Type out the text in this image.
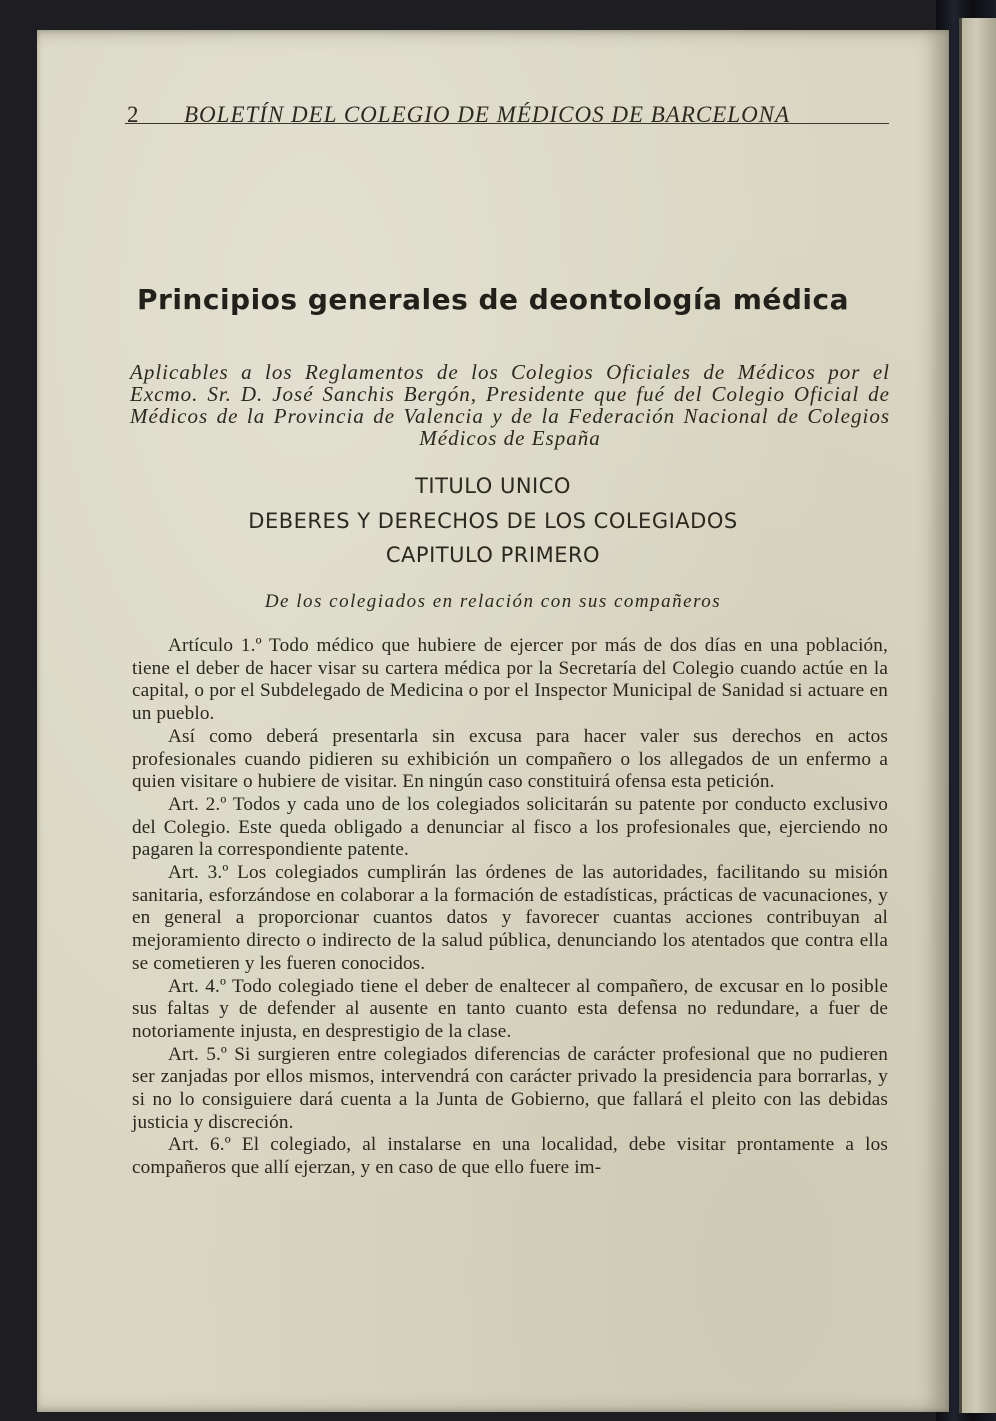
2 BOLETÍN DEL COLEGIO DE MÉDICOS DE BARCELONA
Principios generales de deontología médica
Aplicables a los Reglamentos de los Colegios Oficiales de Médicos por el Excmo. Sr. D. José Sanchis Bergón, Presidente que fué del Colegio Oficial de Médicos de la Provincia de Valencia y de la Federación Nacional de Colegios Médicos de España
TITULO UNICO
DEBERES Y DERECHOS DE LOS COLEGIADOS
CAPITULO PRIMERO
De los colegiados en relación con sus compañeros

Artículo 1.º Todo médico que hubiere de ejercer por más de dos días en una población, tiene el deber de hacer visar su cartera médica por la Secretaría del Colegio cuando actúe en la capital, o por el Subdelegado de Medicina o por el Inspector Municipal de Sanidad si actuare en un pueblo.

Así como deberá presentarla sin excusa para hacer valer sus derechos en actos profesionales cuando pidieren su exhibición un compañero o los allegados de un enfermo a quien visitare o hubiere de visitar. En ningún caso constituirá ofensa esta petición.

Art. 2.º Todos y cada uno de los colegiados solicitarán su patente por conducto exclusivo del Colegio. Este queda obligado a denunciar al fisco a los profesionales que, ejerciendo no pagaren la correspondiente patente.

Art. 3.º Los colegiados cumplirán las órdenes de las autoridades, facilitando su misión sanitaria, esforzándose en colaborar a la formación de estadísticas, prácticas de vacunaciones, y en general a proporcionar cuantos datos y favorecer cuantas acciones contribuyan al mejoramiento directo o indirecto de la salud pública, denunciando los atentados que contra ella se cometieren y les fueren conocidos.

Art. 4.º Todo colegiado tiene el deber de enaltecer al compañero, de excusar en lo posible sus faltas y de defender al ausente en tanto cuanto esta defensa no redundare, a fuer de notoriamente injusta, en desprestigio de la clase.

Art. 5.º Si surgieren entre colegiados diferencias de carácter profesional que no pudieren ser zanjadas por ellos mismos, intervendrá con carácter privado la presidencia para borrarlas, y si no lo consiguiere dará cuenta a la Junta de Gobierno, que fallará el pleito con las debidas justicia y discreción.

Art. 6.º El colegiado, al instalarse en una localidad, debe visitar prontamente a los compañeros que allí ejerzan, y en caso de que ello fuere im-
